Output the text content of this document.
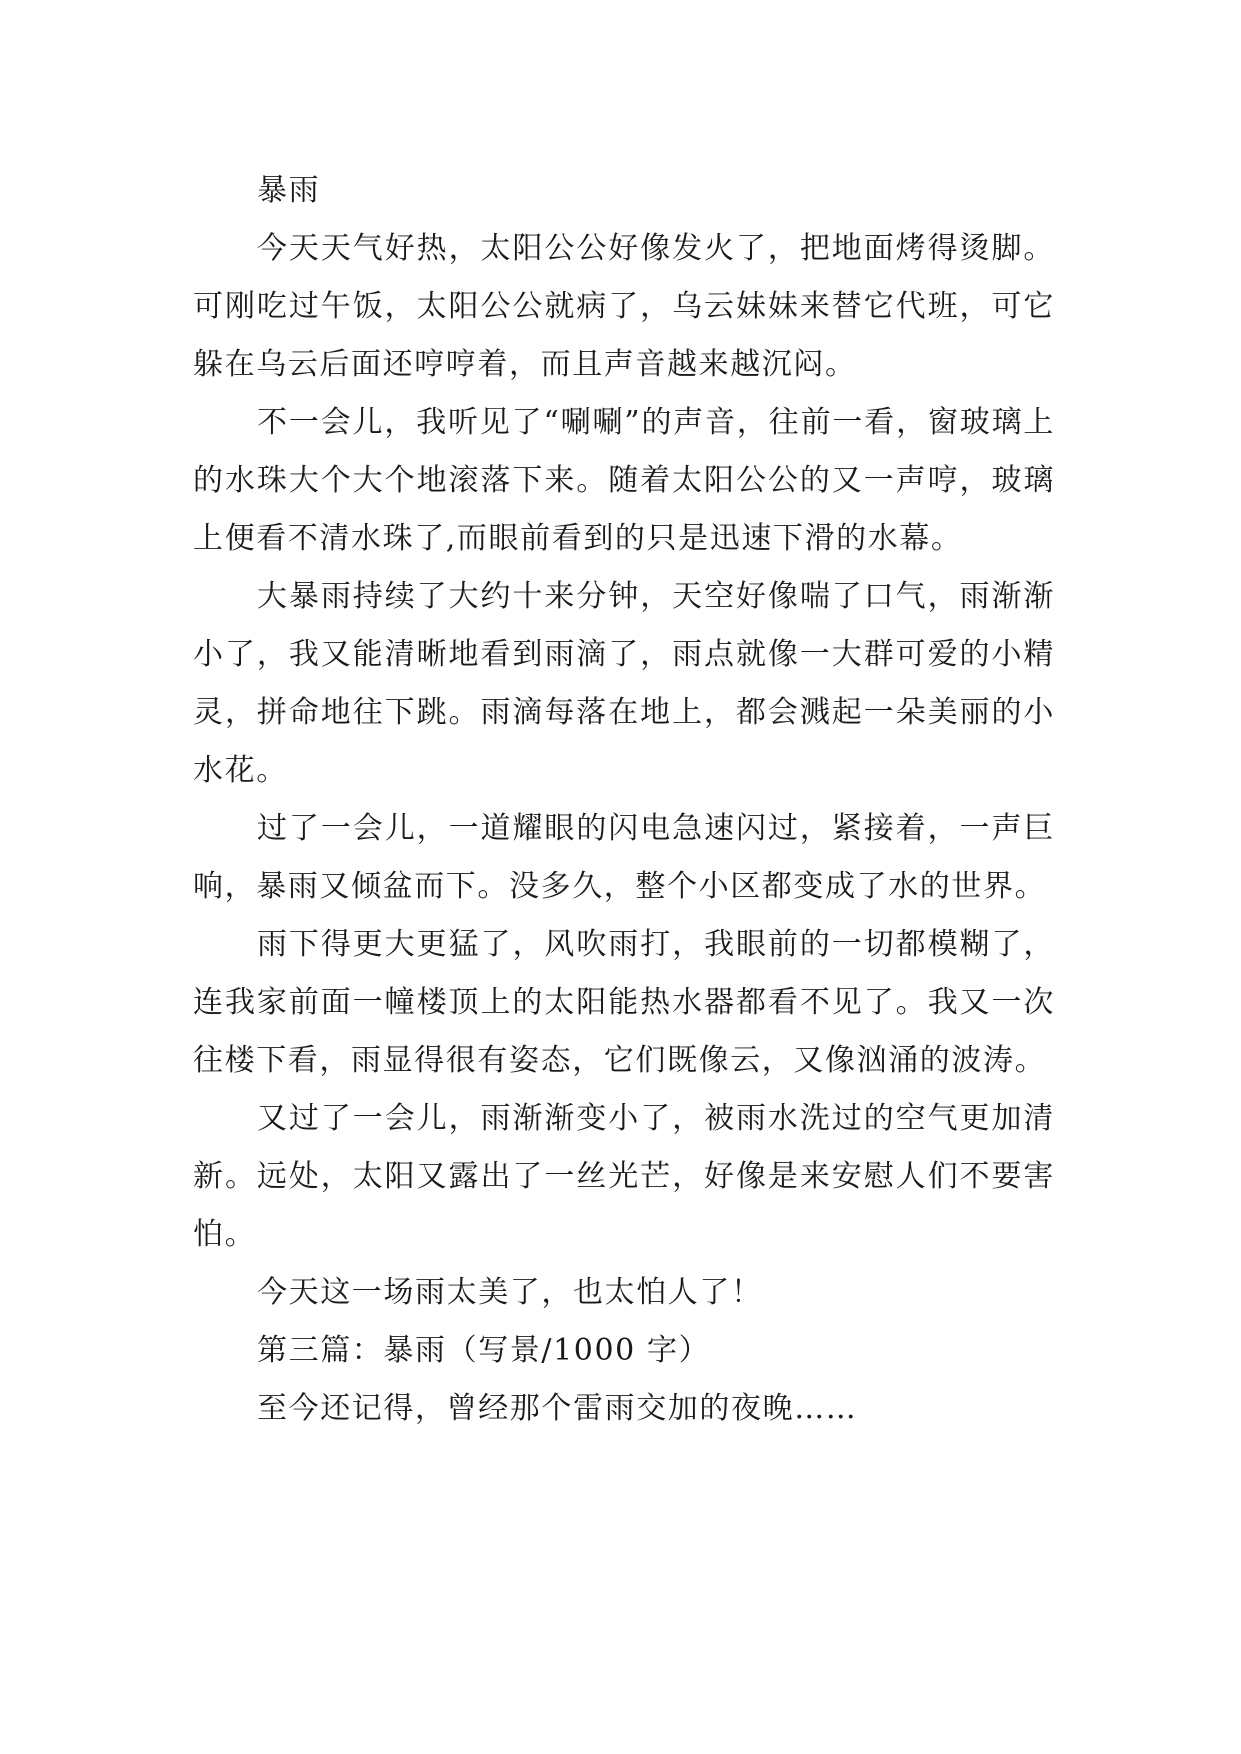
暴雨

今天天气好热，太阳公公好像发火了，把地面烤得烫脚。可刚吃过午饭，太阳公公就病了，乌云妹妹来替它代班，可它躲在乌云后面还哼哼着，而且声音越来越沉闷。

不一会儿，我听见了“唰唰”的声音，往前一看，窗玻璃上的水珠大个大个地滚落下来。随着太阳公公的又一声哼，玻璃上便看不清水珠了,而眼前看到的只是迅速下滑的水幕。

大暴雨持续了大约十来分钟，天空好像喘了口气，雨渐渐小了，我又能清晰地看到雨滴了，雨点就像一大群可爱的小精灵，拼命地往下跳。雨滴每落在地上，都会溅起一朵美丽的小水花。

过了一会儿，一道耀眼的闪电急速闪过，紧接着，一声巨响，暴雨又倾盆而下。没多久，整个小区都变成了水的世界。

雨下得更大更猛了，风吹雨打，我眼前的一切都模糊了，连我家前面一幢楼顶上的太阳能热水器都看不见了。我又一次往楼下看，雨显得很有姿态，它们既像云，又像汹涌的波涛。

又过了一会儿，雨渐渐变小了，被雨水洗过的空气更加清新。远处，太阳又露出了一丝光芒，好像是来安慰人们不要害怕。

今天这一场雨太美了，也太怕人了！

第三篇：暴雨（写景/1000 字）

至今还记得，曾经那个雷雨交加的夜晚……
